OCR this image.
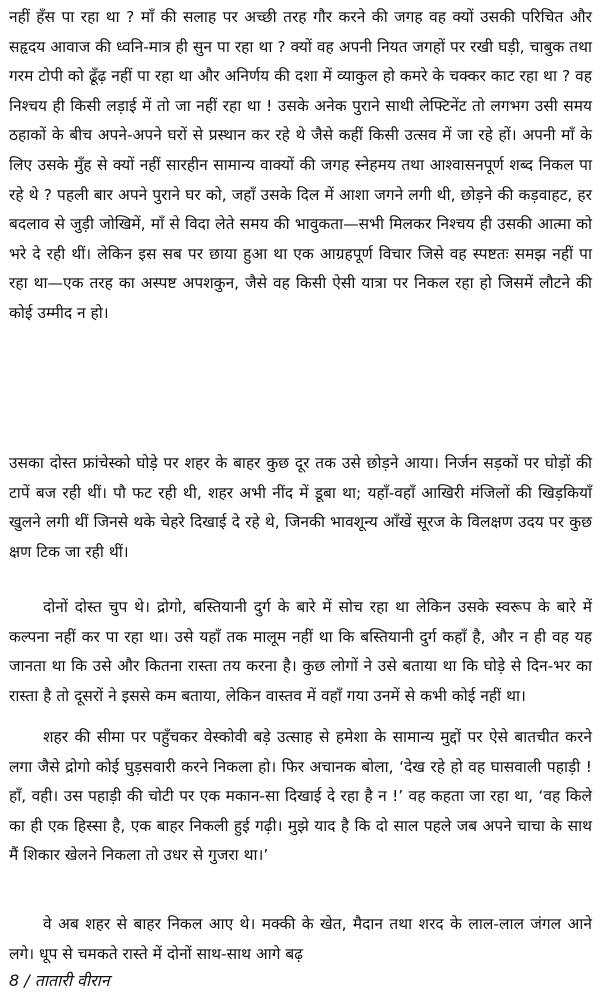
नहीं हँस पा रहा था ? माँ की सलाह पर अच्छी तरह गौर करने की जगह वह क्यों उसकी परिचित और सहृदय आवाज की ध्वनि-मात्र ही सुन पा रहा था ? क्यों वह अपनी नियत जगहों पर रखी घड़ी, चाबुक तथा गरम टोपी को ढूँढ़ नहीं पा रहा था और अनिर्णय की दशा में व्याकुल हो कमरे के चक्कर काट रहा था ? वह निश्चय ही किसी लड़ाई में तो जा नहीं रहा था ! उसके अनेक पुराने साथी लेफ्टिनेंट तो लगभग उसी समय ठहाकों के बीच अपने-अपने घरों से प्रस्थान कर रहे थे जैसे कहीं किसी उत्सव में जा रहे हों। अपनी माँ के लिए उसके मुँह से क्यों नहीं सारहीन सामान्य वाक्यों की जगह स्नेहमय तथा आश्वासनपूर्ण शब्द निकल पा रहे थे ? पहली बार अपने पुराने घर को, जहाँ उसके दिल में आशा जगने लगी थी, छोड़ने की कड़वाहट, हर बदलाव से जुड़ी जोखिमें, माँ से विदा लेते समय की भावुकता—सभी मिलकर निश्चय ही उसकी आत्मा को भरे दे रही थीं। लेकिन इस सब पर छाया हुआ था एक आग्रहपूर्ण विचार जिसे वह स्पष्टतः समझ नहीं पा रहा था—एक तरह का अस्पष्ट अपशकुन, जैसे वह किसी ऐसी यात्रा पर निकल रहा हो जिसमें लौटने की कोई उम्मीद न हो।

उसका दोस्त फ्रांचेस्को घोड़े पर शहर के बाहर कुछ दूर तक उसे छोड़ने आया। निर्जन सड़कों पर घोड़ों की टापें बज रही थीं। पौ फट रही थी, शहर अभी नींद में डूबा था; यहाँ-वहाँ आखिरी मंजिलों की खिड़कियाँ खुलने लगी थीं जिनसे थके चेहरे दिखाई दे रहे थे, जिनकी भावशून्य आँखें सूरज के विलक्षण उदय पर कुछ क्षण टिक जा रही थीं।

दोनों दोस्त चुप थे। द्रोगो, बस्तियानी दुर्ग के बारे में सोच रहा था लेकिन उसके स्वरूप के बारे में कल्पना नहीं कर पा रहा था। उसे यहाँ तक मालूम नहीं था कि बस्तियानी दुर्ग कहाँ है, और न ही वह यह जानता था कि उसे और कितना रास्ता तय करना है। कुछ लोगों ने उसे बताया था कि घोड़े से दिन-भर का रास्ता है तो दूसरों ने इससे कम बताया, लेकिन वास्तव में वहाँ गया उनमें से कभी कोई नहीं था।

शहर की सीमा पर पहुँचकर वेस्कोवी बड़े उत्साह से हमेशा के सामान्य मुद्दों पर ऐसे बातचीत करने लगा जैसे द्रोगो कोई घुड़सवारी करने निकला हो। फिर अचानक बोला, ‘देख रहे हो वह घासवाली पहाड़ी ! हाँ, वही। उस पहाड़ी की चोटी पर एक मकान-सा दिखाई दे रहा है न !’ वह कहता जा रहा था, ‘वह किले का ही एक हिस्सा है, एक बाहर निकली हुई गढ़ी। मुझे याद है कि दो साल पहले जब अपने चाचा के साथ मैं शिकार खेलने निकला तो उधर से गुजरा था।’

वे अब शहर से बाहर निकल आए थे। मक्की के खेत, मैदान तथा शरद के लाल-लाल जंगल आने लगे। धूप से चमकते रास्ते में दोनों साथ-साथ आगे बढ़

8 / तातारी वीरान
